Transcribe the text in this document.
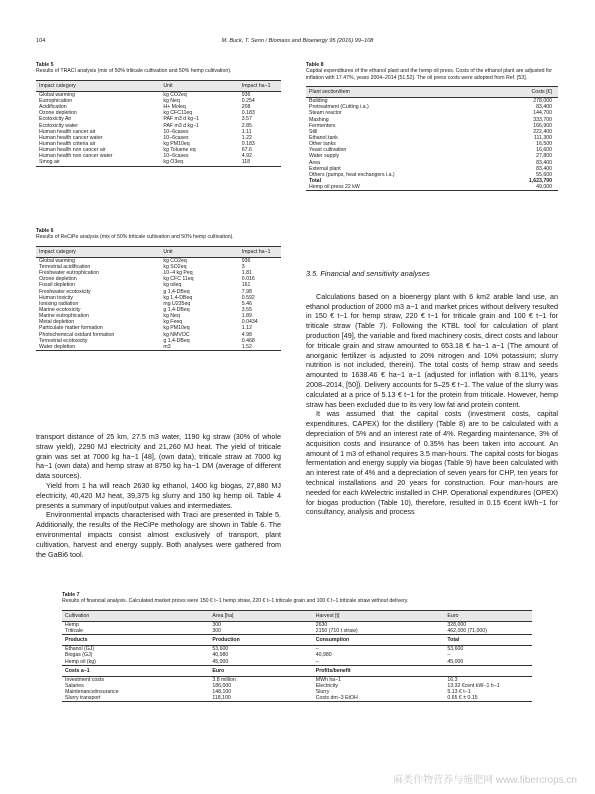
104	M. Buck, T. Senn / Biomass and Bioenergy 95 (2016) 99–108
Table 5
Results of TRACI analysis (mix of 50% triticale cultivation and 50% hemp cultivation).
Impact category	Unit	Impact ha−1
Global warming	kg CO2eq	936
Eutrophication	kg Neq	0.254
Acidification	H+ Moleq	208
Ozone depletion	kg CFC11eq	0.183
Ecotoxicity Air	PAF m3 d kg−1	3.57
Ecotoxicity water	PAF m3 d kg−1	2.85
Human health cancer air	10−6cases	1.11
Human health cancer water	10−6cases	1.22
Human health criteria air	kg PM10eq	0.183
Human health non cancer air	kg Toluene eq	67.6
Human health non cancer water	10−6cases	4.92
Smog air	kg O3eq	118
Table 6
Results of ReCiPe analysis (mix of 50% triticale cultivation and 50% hemp cultivation).
Impact category	Unit	Impact ha−1
Global warming	kg CO2eq	936
Terrestrial acidification	kg SO2eq	3
Freshwater eutrophication	10−4 kg Peq	1.81
Ozone depletion	kg CFC 11eq	0.016
Fossil depletion	kg oileq	161
Freshwater ecotoxicity	g 1,4-DBeq	7.98
Human toxicity	kg 1,4-DBeq	0.592
Ionising radiation	mg U235eq	5.46
Marine ecotoxicity	g 1,4-DBeq	3.55
Marine eutrophication	kg Neq	1.89
Metal depletion	kg Feeq	0.0434
Particulate matter formation	kg PM10eq	1.12
Photochemical oxidant formation	kg NMVOC	4.98
Terrestrial ecotoxicity	g 1,4-DBeq	0.468
Water depletion	m3	1.52

transport distance of 25 km, 27.5 m3 water, 1190 kg straw (30% of whole straw yield), 2290 MJ electricity and 21,260 MJ heat. The yield of triticale grain was set at 7000 kg ha−1 [48], (own data), triticale straw at 7000 kg ha−1 (own data) and hemp straw at 8750 kg ha−1 DM (average of different data sources).

Yield from 1 ha will reach 2630 kg ethanol, 1400 kg biogas, 27,880 MJ electricity, 40,420 MJ heat, 39,375 kg slurry and 150 kg hemp oil. Table 4 presents a summary of input/output values and intermediates.

Environmental impacts characterised with Traci are presented in Table 5. Additionally, the results of the ReCiPe methology are shown in Table 6. The environmental impacts consist almost exclusively of transport, plant cultivation, harvest and energy supply. Both analyses were gathered from the GaBi6 tool.

Table 8
Capital expenditures of the ethanol plant and the hemp oil press. Costs of the ethanol plant are adjusted for inflation with 17.47%, years 2004–2014 [51,52]. The oil press costs were adopted from Ref. [53].
Plant section/item	Costs [€]
Building	278,000
Pretreatment (Cutting i.a.)	83,400
Steam reactor	144,700
Mashing	333,700
Fermenters	166,900
Still	222,400
Ethanol tank	111,300
Other tanks	16,500
Yeast cultivation	16,600
Water supply	27,800
Area	83,400
External plant	83,400
Others (pumps, heat exchangers i.a.)	55,600
Total	1,623,700
Hemp oil press 22 kW	49,000
3.5. Financial and sensitivity analyses

Calculations based on a bioenergy plant with 6 km2 arable land use, an ethanol production of 2000 m3 a−1 and market prices without delivery resulted in 150 € t−1 for hemp straw, 220 € t−1 for triticale grain and 100 € t−1 for triticale straw (Table 7). Following the KTBL tool for calculation of plant production [49], the variable and fixed machinery costs, direct costs and labour for triticale grain and straw amounted to 653.18 € ha−1 a−1 (The amount of anorganic fertilizer is adjusted to 20% nitrogen and 10% potassium; slurry nutrition is not included, therein). The total costs of hemp straw and seeds amounted to 1638.46 € ha−1 a−1 (adjusted for inflation with 8.11%, years 2008–2014, [50]). Delivery accounts for 5–25 € t−1. The value of the slurry was calculated at a price of 5.13 € t−1 for the protein from triticale. However, hemp straw has been excluded due to its very low fat and protein content.

It was assumed that the capital costs (investment costs, capital expenditures, CAPEX) for the distillery (Table 8) are to be calculated with a depreciation of 5% and an interest rate of 4%. Regarding maintenance, 3% of acquisition costs and insurance of 0.35% has been taken into account. An amount of 1 m3 of ethanol requires 3.5 man-hours. The capital costs for biogas fermentation and energy supply via biogas (Table 9) have been calculated with an interest rate of 4% and a depreciation of seven years for CHP, ten years for technical installations and 20 years for construction. Four man-hours are needed for each kWelectric installed in CHP. Operational expenditures (OPEX) for biogas production (Table 10), therefore, resulted in 0.15 €cent kWh−1 for consultancy, analysis and process

Table 7
Results of financial analysis. Calculated market prices were 150 € t−1 hemp straw, 220 € t−1 triticale grain and 100 € t−1 triticale straw without delivery.
Cultivation	Area [ha]	Harvest [t]	Euro
Hemp	300	2630	328,000
Triticale	300	2150 (710 t straw)	462,000 (71,000)
Products	Production	Consumption	Total
Ethanol (GJ)	53,600	–	53,600
Biogas (GJ)	40,980	40,980	–
Hemp oil (kg)	45,000	–	45,000
Costs a−1	Euro	Profits/benefit	
Investment costs	3.8 million	MWh ha−1	16.3
Salaries	186,000	Electricity	13.32 €cent kW−1 h−1
Maintenance/insurance	148,100	Slurry	5.13 € t−1
Slurry transport	118,100	Costs dm−3 EtOH	0.65 € ± 0.15
麻类作物营养与施肥网 www.fibercrops.cn
